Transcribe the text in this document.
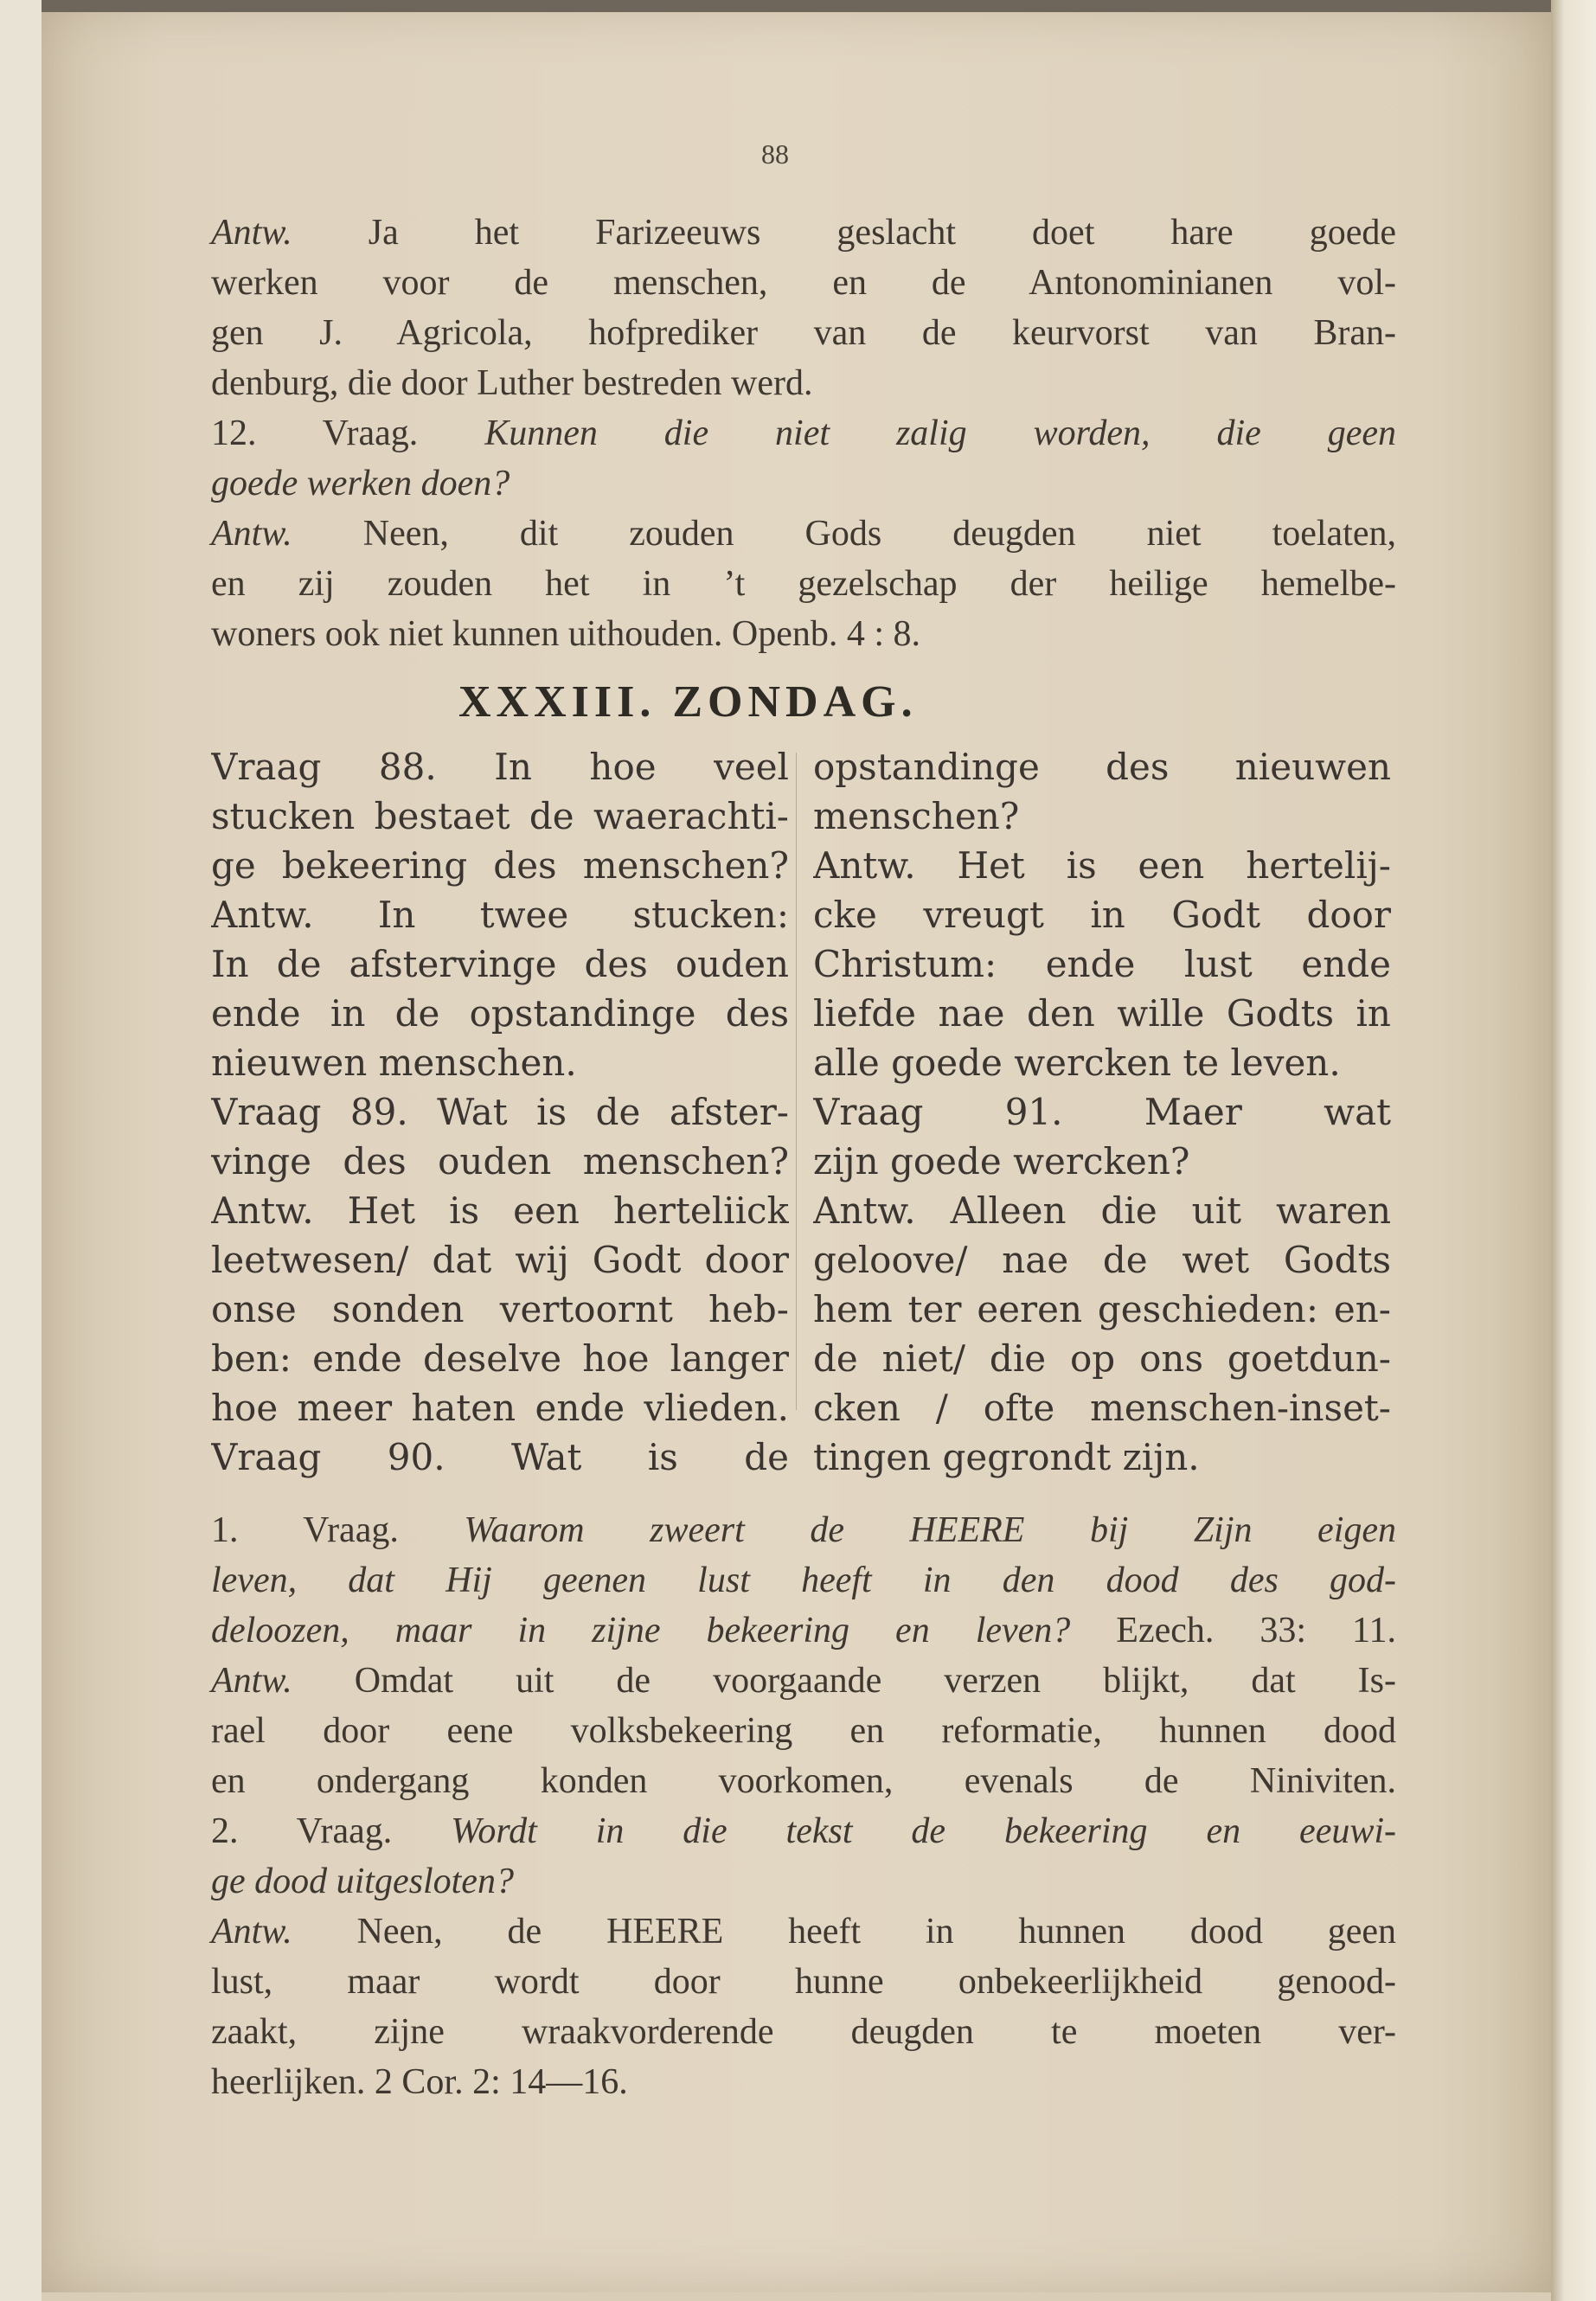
88
Antw. Ja het Farizeeuws geslacht doet hare goede
werken voor de menschen, en de Antonominianen vol-
gen J. Agricola, hofprediker van de keurvorst van Bran-
denburg, die door Luther bestreden werd.
12. Vraag. Kunnen die niet zalig worden, die geen
goede werken doen?
Antw. Neen, dit zouden Gods deugden niet toelaten,
en zij zouden het in ’t gezelschap der heilige hemelbe-
woners ook niet kunnen uithouden. Openb. 4 : 8.
XXXIII. ZONDAG.
Vraag 88. In hoe veel
stucken bestaet de waerachti-
ge bekeering des menschen?
Antw. In twee stucken:
In de afstervinge des ouden
ende in de opstandinge des
nieuwen menschen.
Vraag 89. Wat is de afster-
vinge des ouden menschen?
Antw. Het is een herteliick
leetwesen/ dat wij Godt door
onse sonden vertoornt heb-
ben: ende deselve hoe langer
hoe meer haten ende vlieden.
Vraag 90. Wat is de
opstandinge des nieuwen
menschen?
Antw. Het is een hertelij-
cke vreugt in Godt door
Christum: ende lust ende
liefde nae den wille Godts in
alle goede wercken te leven.
Vraag 91. Maer wat
zijn goede wercken?
Antw. Alleen die uit waren
geloove/ nae de wet Godts
hem ter eeren geschieden: en-
de niet/ die op ons goetdun-
cken / ofte menschen-inset-
tingen gegrondt zijn.
1. Vraag. Waarom zweert de HEERE bij Zijn eigen
leven, dat Hij geenen lust heeft in den dood des god-
deloozen, maar in zijne bekeering en leven? Ezech. 33: 11.
Antw. Omdat uit de voorgaande verzen blijkt, dat Is-
rael door eene volksbekeering en reformatie, hunnen dood
en ondergang konden voorkomen, evenals de Niniviten.
2. Vraag. Wordt in die tekst de bekeering en eeuwi-
ge dood uitgesloten?
Antw. Neen, de HEERE heeft in hunnen dood geen
lust, maar wordt door hunne onbekeerlijkheid genood-
zaakt, zijne wraakvorderende deugden te moeten ver-
heerlijken. 2 Cor. 2: 14—16.
